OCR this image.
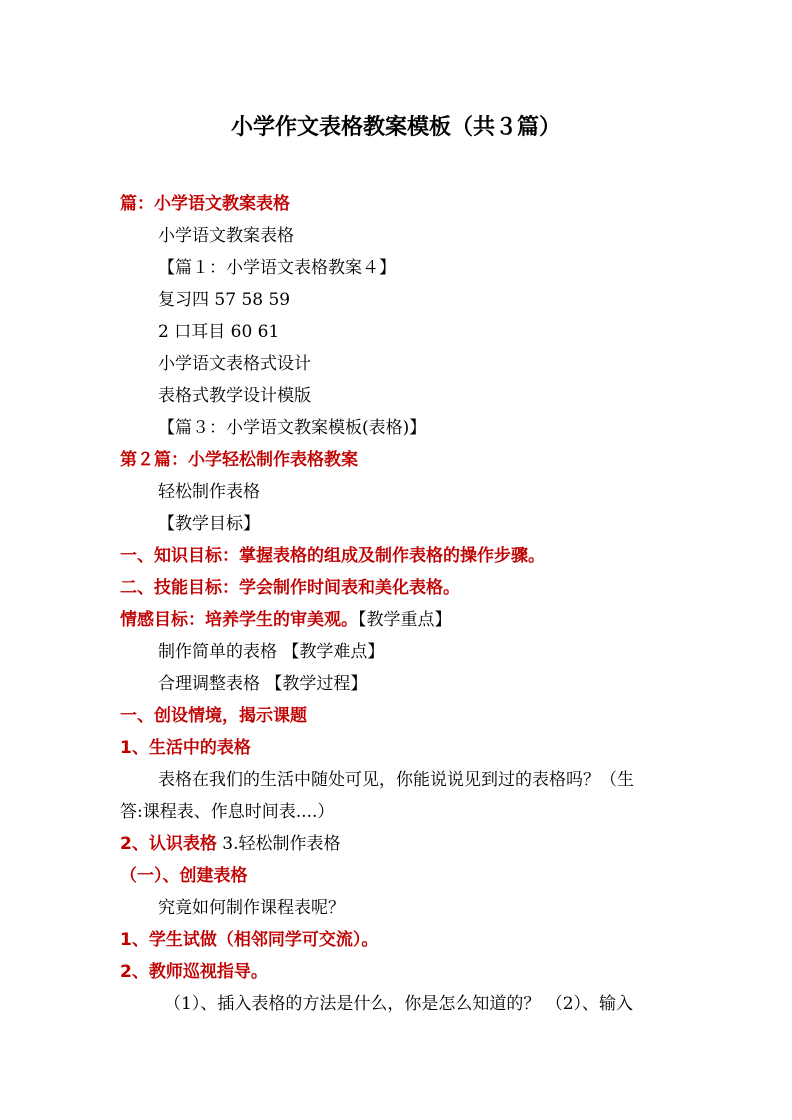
小学作文表格教案模板（共３篇）
篇：小学语文教案表格
小学语文教案表格
【篇１：小学语文表格教案４】
复习四 57 58 59
2 口耳目 60 61
小学语文表格式设计
表格式教学设计模版
【篇３：小学语文教案模板(表格)】
第２篇：小学轻松制作表格教案
轻松制作表格
【教学目标】
一、知识目标：掌握表格的组成及制作表格的操作步骤。
二、技能目标：学会制作时间表和美化表格。
情感目标：培养学生的审美观。【教学重点】
制作简单的表格 【教学难点】
合理调整表格 【教学过程】
一、创设情境，揭示课题
1、生活中的表格
表格在我们的生活中随处可见，你能说说见到过的表格吗？（生
答:课程表、作息时间表....）
2、认识表格 3.轻松制作表格
（一）、创建表格
究竟如何制作课程表呢？
1、学生试做（相邻同学可交流）。
2、教师巡视指导。
（1）、插入表格的方法是什么，你是怎么知道的？ （2）、输入
